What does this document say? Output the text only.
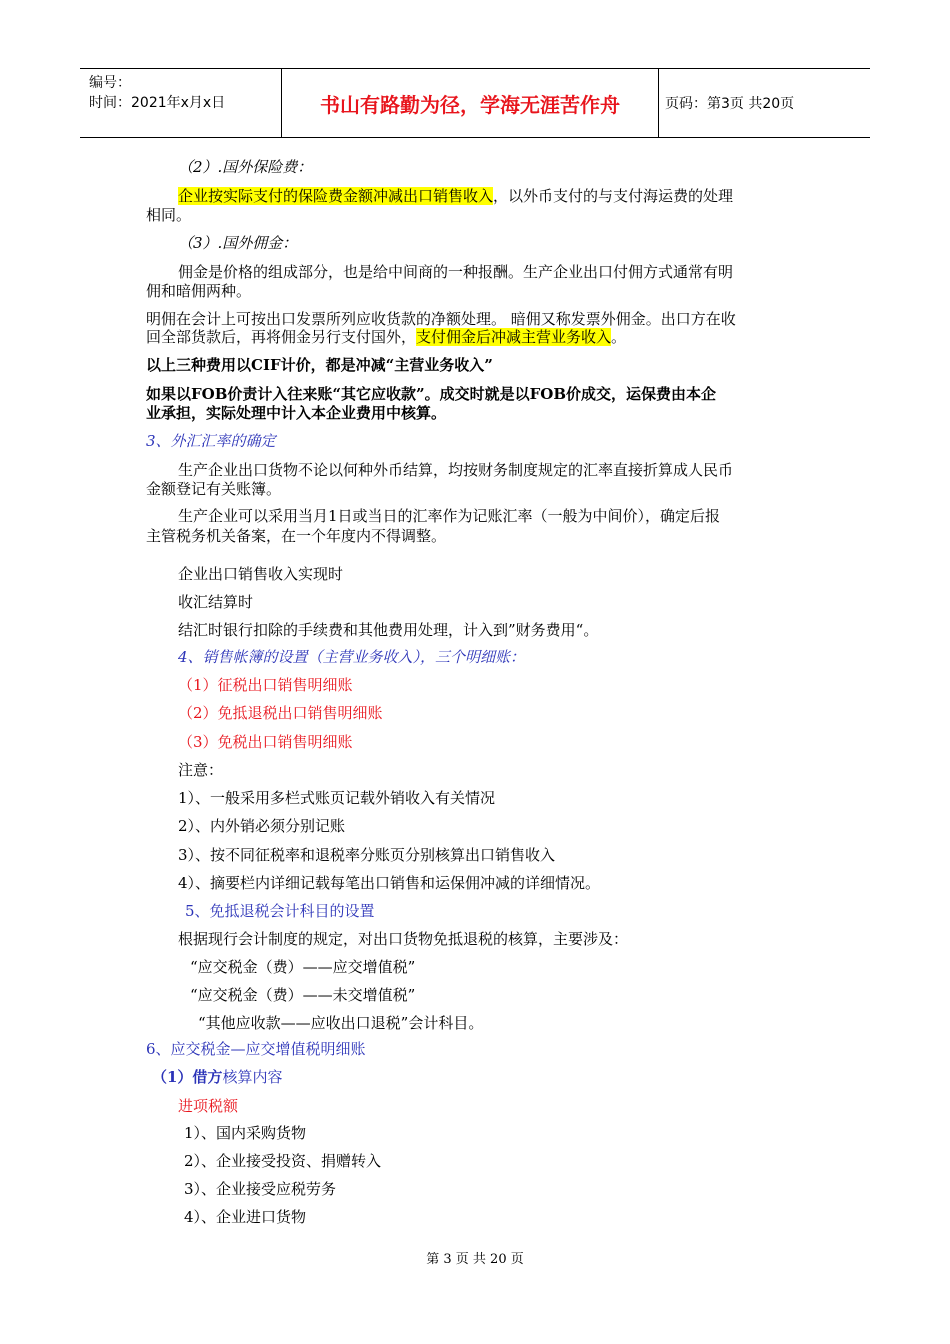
编号：
时间：2021年x月x日	书山有路勤为径，学海无涯苦作舟	页码：第3页 共20页
（2）.国外保险费：
企业按实际支付的保险费金额冲减出口销售收入，以外币支付的与支付海运费的处理
相同。
（3）.国外佣金：
佣金是价格的组成部分，也是给中间商的一种报酬。生产企业出口付佣方式通常有明
佣和暗佣两种。
明佣在会计上可按出口发票所列应收货款的净额处理。 暗佣又称发票外佣金。出口方在收
回全部货款后，再将佣金另行支付国外，支付佣金后冲减主营业务收入。
以上三种费用以CIF计价，都是冲减“主营业务收入”
如果以FOB价责计入往来账“其它应收款”。成交时就是以FOB价成交，运保费由本企
业承担，实际处理中计入本企业费用中核算。
3、外汇汇率的确定
生产企业出口货物不论以何种外币结算，均按财务制度规定的汇率直接折算成人民币
金额登记有关账簿。
生产企业可以采用当月1日或当日的汇率作为记账汇率（一般为中间价），确定后报
主管税务机关备案，在一个年度内不得调整。
企业出口销售收入实现时
收汇结算时
结汇时银行扣除的手续费和其他费用处理，计入到”财务费用“。
4、销售帐簿的设置（主营业务收入），三个明细账：
（1）征税出口销售明细账
（2）免抵退税出口销售明细账
（3）免税出口销售明细账
注意：
1）、一般采用多栏式账页记载外销收入有关情况
2）、内外销必须分别记账
3）、按不同征税率和退税率分账页分别核算出口销售收入
4）、摘要栏内详细记载每笔出口销售和运保佣冲减的详细情况。
5、免抵退税会计科目的设置
根据现行会计制度的规定，对出口货物免抵退税的核算，主要涉及：
“应交税金（费）——应交增值税”
“应交税金（费）——未交增值税”
“其他应收款——应收出口退税”会计科目。
6、应交税金—应交增值税明细账
（1）借方核算内容
进项税额
1）、国内采购货物
2）、企业接受投资、捐赠转入
3）、企业接受应税劳务
4）、企业进口货物
第 3 页 共 20 页
